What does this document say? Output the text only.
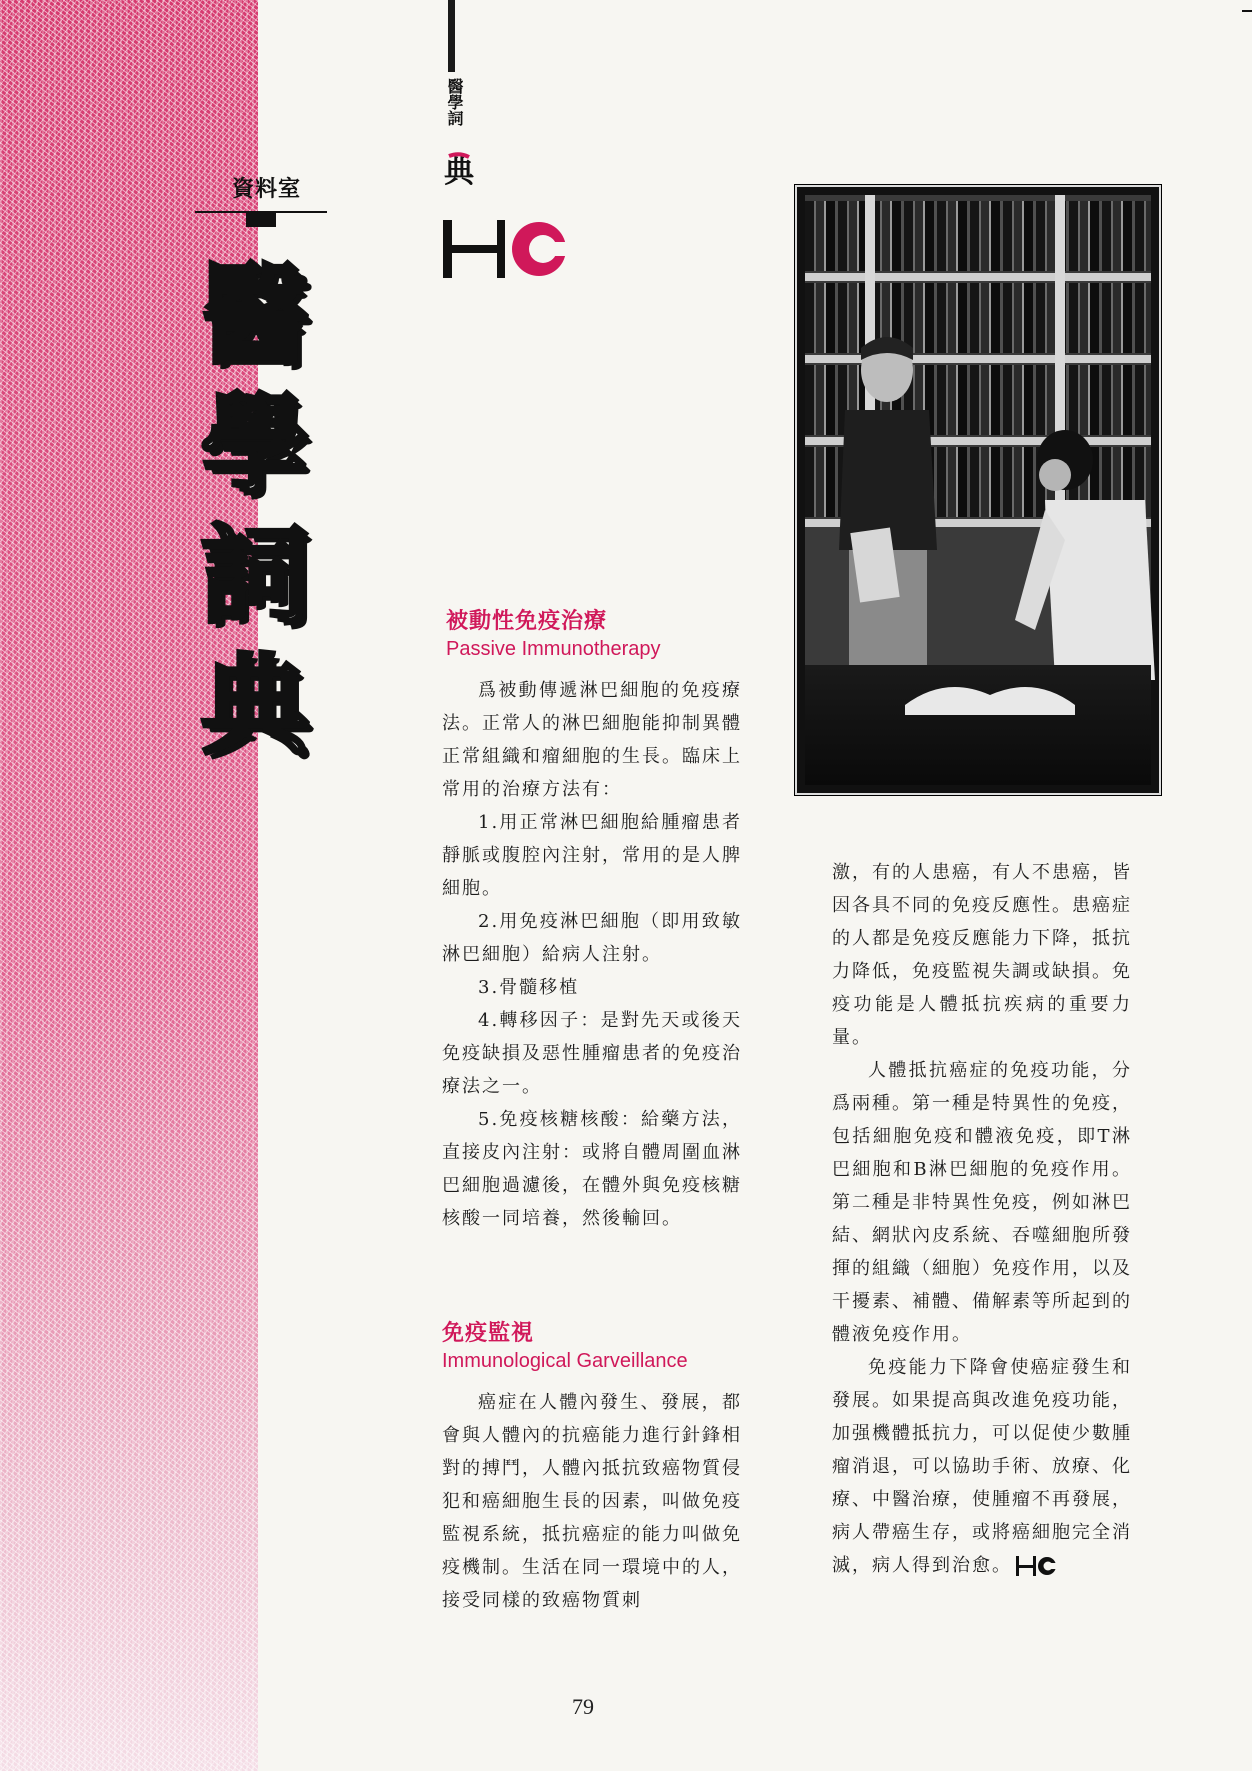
資料室
醫
學
詞
典
醫學詞
典
被動性免疫治療
Passive Immunotherapy

爲被動傳遞淋巴細胞的免疫療法。正常人的淋巴細胞能抑制異體正常組織和瘤細胞的生長。臨床上常用的治療方法有：

1.用正常淋巴細胞給腫瘤患者靜脈或腹腔內注射，常用的是人脾細胞。

2.用免疫淋巴細胞（即用致敏淋巴細胞）給病人注射。

3.骨髓移植

4.轉移因子：是對先天或後天免疫缺損及惡性腫瘤患者的免疫治療法之一。

5.免疫核糖核酸：給藥方法，直接皮內注射：或將自體周圍血淋巴細胞過濾後，在體外與免疫核糖核酸一同培養，然後輸回。

免疫監視
Immunological Garveillance

癌症在人體內發生、發展，都會與人體內的抗癌能力進行針鋒相對的搏鬥，人體內抵抗致癌物質侵犯和癌細胞生長的因素，叫做免疫監視系統，抵抗癌症的能力叫做免疫機制。生活在同一環境中的人，接受同樣的致癌物質刺

激，有的人患癌，有人不患癌，皆因各具不同的免疫反應性。患癌症的人都是免疫反應能力下降，抵抗力降低，免疫監視失調或缺損。免疫功能是人體抵抗疾病的重要力量。

人體抵抗癌症的免疫功能，分爲兩種。第一種是特異性的免疫，包括細胞免疫和體液免疫，即T淋巴細胞和B淋巴細胞的免疫作用。第二種是非特異性免疫，例如淋巴結、網狀內皮系統、吞噬細胞所發揮的組織（細胞）免疫作用，以及干擾素、補體、備解素等所起到的體液免疫作用。

免疫能力下降會使癌症發生和發展。如果提高與改進免疫功能，加强機體抵抗力，可以促使少數腫瘤消退，可以協助手術、放療、化療、中醫治療，使腫瘤不再發展，病人帶癌生存，或將癌細胞完全消滅，病人得到治愈。

79
